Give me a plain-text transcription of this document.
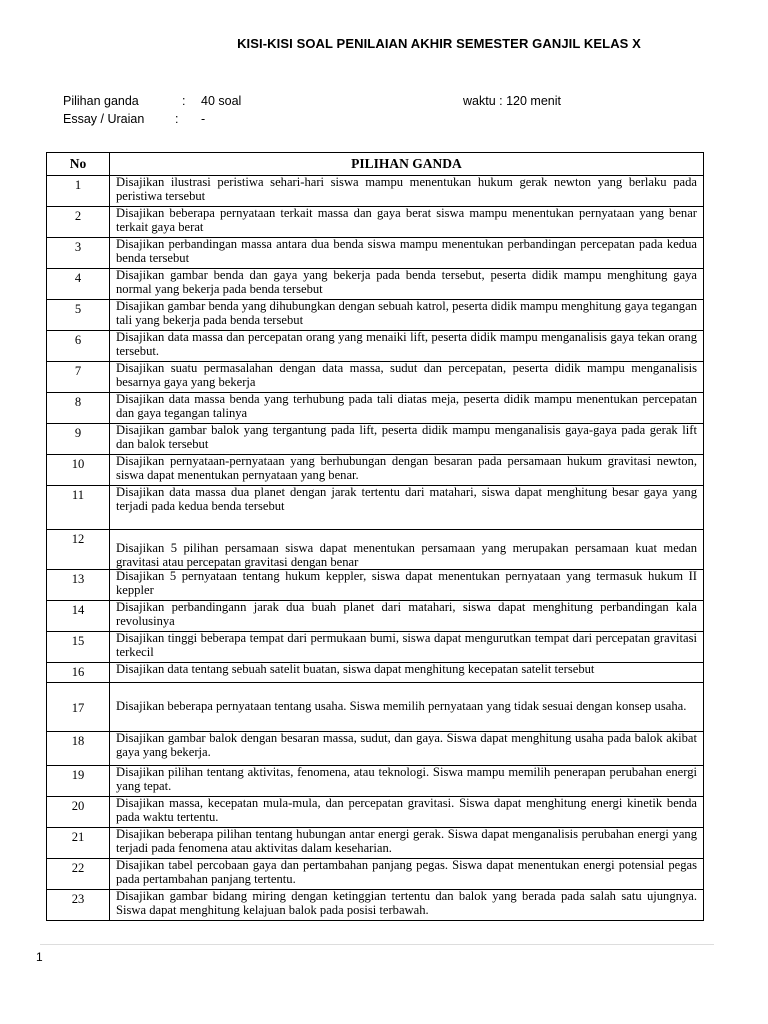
KISI-KISI SOAL PENILAIAN AKHIR SEMESTER GANJIL KELAS X
Pilihan ganda	: 40 soal	waktu : 120 menit
Essay / Uraian : -
No	PILIHAN GANDA
1	Disajikan ilustrasi peristiwa sehari-hari siswa mampu menentukan hukum gerak newton yang berlaku pada peristiwa tersebut
2	Disajikan beberapa pernyataan terkait massa dan gaya berat siswa mampu menentukan pernyataan yang benar terkait gaya berat
3	Disajikan perbandingan massa antara dua benda siswa mampu menentukan perbandingan percepatan pada kedua benda tersebut
4	Disajikan gambar benda dan gaya yang bekerja pada benda tersebut, peserta didik mampu menghitung gaya normal yang bekerja pada benda tersebut
5	Disajikan gambar benda yang dihubungkan dengan sebuah katrol, peserta didik mampu menghitung gaya tegangan tali yang bekerja pada benda tersebut
6	Disajikan data massa dan percepatan orang yang menaiki lift, peserta didik mampu menganalisis gaya tekan orang tersebut.
7	Disajikan suatu permasalahan dengan data massa, sudut dan percepatan, peserta didik mampu menganalisis besarnya gaya yang bekerja
8	Disajikan data massa benda yang terhubung pada tali diatas meja, peserta didik mampu menentukan percepatan dan gaya tegangan talinya
9	Disajikan gambar balok yang tergantung pada lift, peserta didik mampu menganalisis gaya-gaya pada gerak lift dan balok tersebut
10	Disajikan pernyataan-pernyataan yang berhubungan dengan besaran pada persamaan hukum gravitasi newton, siswa dapat menentukan pernyataan yang benar.
11	Disajikan data massa dua planet dengan jarak tertentu dari matahari, siswa dapat menghitung besar gaya yang terjadi pada kedua benda tersebut
12	Disajikan 5 pilihan persamaan siswa dapat menentukan persamaan yang merupakan persamaan kuat medan gravitasi atau percepatan gravitasi dengan benar
13	Disajikan 5 pernyataan tentang hukum keppler, siswa dapat menentukan pernyataan yang termasuk hukum II keppler
14	Disajikan perbandingann jarak dua buah planet dari matahari, siswa dapat menghitung perbandingan kala revolusinya
15	Disajikan tinggi beberapa tempat dari permukaan bumi, siswa dapat mengurutkan tempat dari percepatan gravitasi terkecil
16	Disajikan data tentang sebuah satelit buatan, siswa dapat menghitung kecepatan satelit tersebut
17	Disajikan beberapa pernyataan tentang usaha. Siswa memilih pernyataan yang tidak sesuai dengan konsep usaha.
18	Disajikan gambar balok dengan besaran massa, sudut, dan gaya. Siswa dapat menghitung usaha pada balok akibat gaya yang bekerja.
19	Disajikan pilihan tentang aktivitas, fenomena, atau teknologi. Siswa mampu memilih penerapan perubahan energi yang tepat.
20	Disajikan massa, kecepatan mula-mula, dan percepatan gravitasi. Siswa dapat menghitung energi kinetik benda pada waktu tertentu.
21	Disajikan beberapa pilihan tentang hubungan antar energi gerak. Siswa dapat menganalisis perubahan energi yang terjadi pada fenomena atau aktivitas dalam keseharian.
22	Disajikan tabel percobaan gaya dan pertambahan panjang pegas. Siswa dapat menentukan energi potensial pegas pada pertambahan panjang tertentu.
23	Disajikan gambar bidang miring dengan ketinggian tertentu dan balok yang berada pada salah satu ujungnya. Siswa dapat menghitung kelajuan balok pada posisi terbawah.
1
